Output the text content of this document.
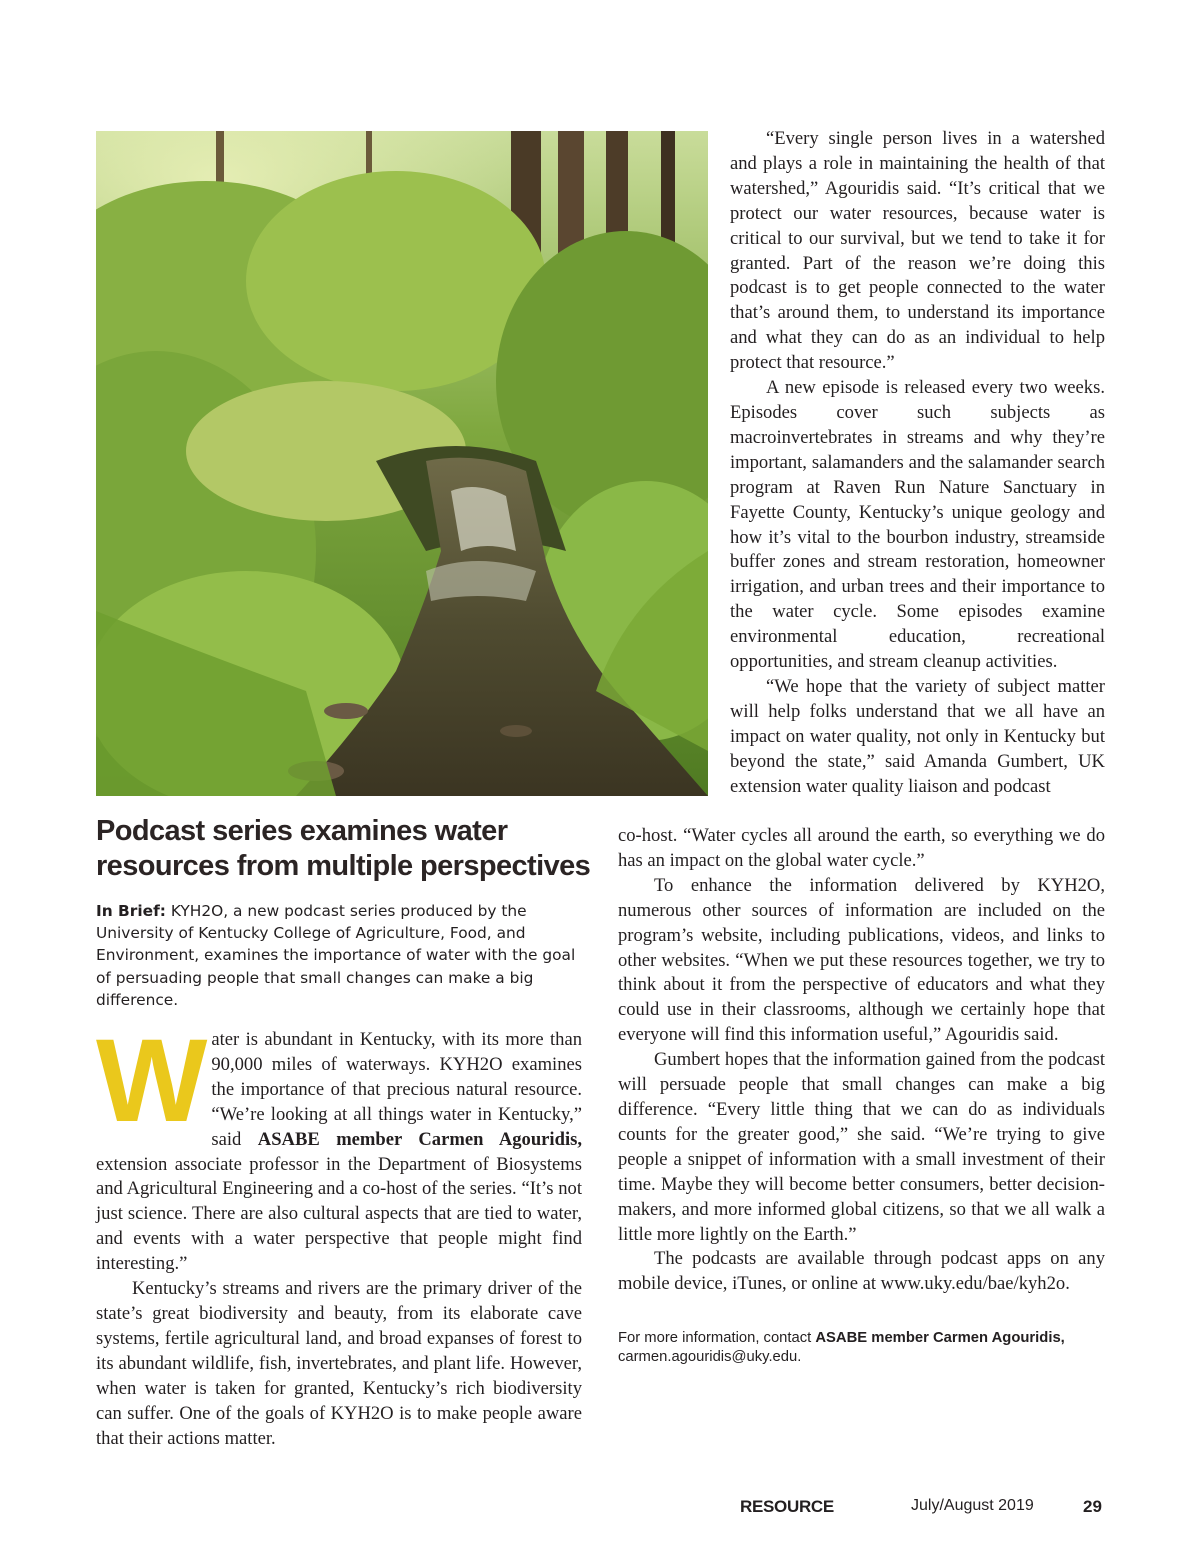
Podcast series examines water resources from multiple perspectives

In Brief: KYH2O, a new podcast series produced by the University of Kentucky College of Agriculture, Food, and Environment, examines the importance of water with the goal of persuading people that small changes can make a big difference.

Water is abundant in Kentucky, with its more than 90,000 miles of waterways. KYH2O examines the importance of that precious natural resource. “We’re looking at all things water in Kentucky,” said ASABE member Carmen Agouridis, extension associate professor in the Department of Biosystems and Agricultural Engineering and a co-host of the series. “It’s not just science. There are also cultural aspects that are tied to water, and events with a water perspective that people might find interesting.”

Kentucky’s streams and rivers are the primary driver of the state’s great biodiversity and beauty, from its elaborate cave systems, fertile agricultural land, and broad expanses of forest to its abundant wildlife, fish, invertebrates, and plant life. However, when water is taken for granted, Kentucky’s rich biodiversity can suffer. One of the goals of KYH2O is to make people aware that their actions matter.

“Every single person lives in a watershed and plays a role in maintaining the health of that watershed,” Agouridis said. “It’s critical that we protect our water resources, because water is critical to our survival, but we tend to take it for granted. Part of the reason we’re doing this podcast is to get people connected to the water that’s around them, to understand its importance and what they can do as an individual to help protect that resource.”

A new episode is released every two weeks. Episodes cover such subjects as macroinvertebrates in streams and why they’re important, salamanders and the salamander search program at Raven Run Nature Sanctuary in Fayette County, Kentucky’s unique geology and how it’s vital to the bourbon industry, streamside buffer zones and stream restoration, homeowner irrigation, and urban trees and their importance to the water cycle. Some episodes examine environmental education, recreational opportunities, and stream cleanup activities.

“We hope that the variety of subject matter will help folks understand that we all have an impact on water quality, not only in Kentucky but beyond the state,” said Amanda Gumbert, UK extension water quality liaison and podcast

co-host. “Water cycles all around the earth, so everything we do has an impact on the global water cycle.”

To enhance the information delivered by KYH2O, numerous other sources of information are included on the program’s website, including publications, videos, and links to other websites. “When we put these resources together, we try to think about it from the perspective of educators and what they could use in their classrooms, although we certainly hope that everyone will find this information useful,” Agouridis said.

Gumbert hopes that the information gained from the podcast will persuade people that small changes can make a big difference. “Every little thing that we can do as individuals counts for the greater good,” she said. “We’re trying to give people a snippet of information with a small investment of their time. Maybe they will become better consumers, better decision-makers, and more informed global citizens, so that we all walk a little more lightly on the Earth.”

The podcasts are available through podcast apps on any mobile device, iTunes, or online at www.uky.edu/bae/kyh2o.

For more information, contact ASABE member Carmen Agouridis, carmen.agouridis@uky.edu.

RESOURCE	July/August 2019	29
